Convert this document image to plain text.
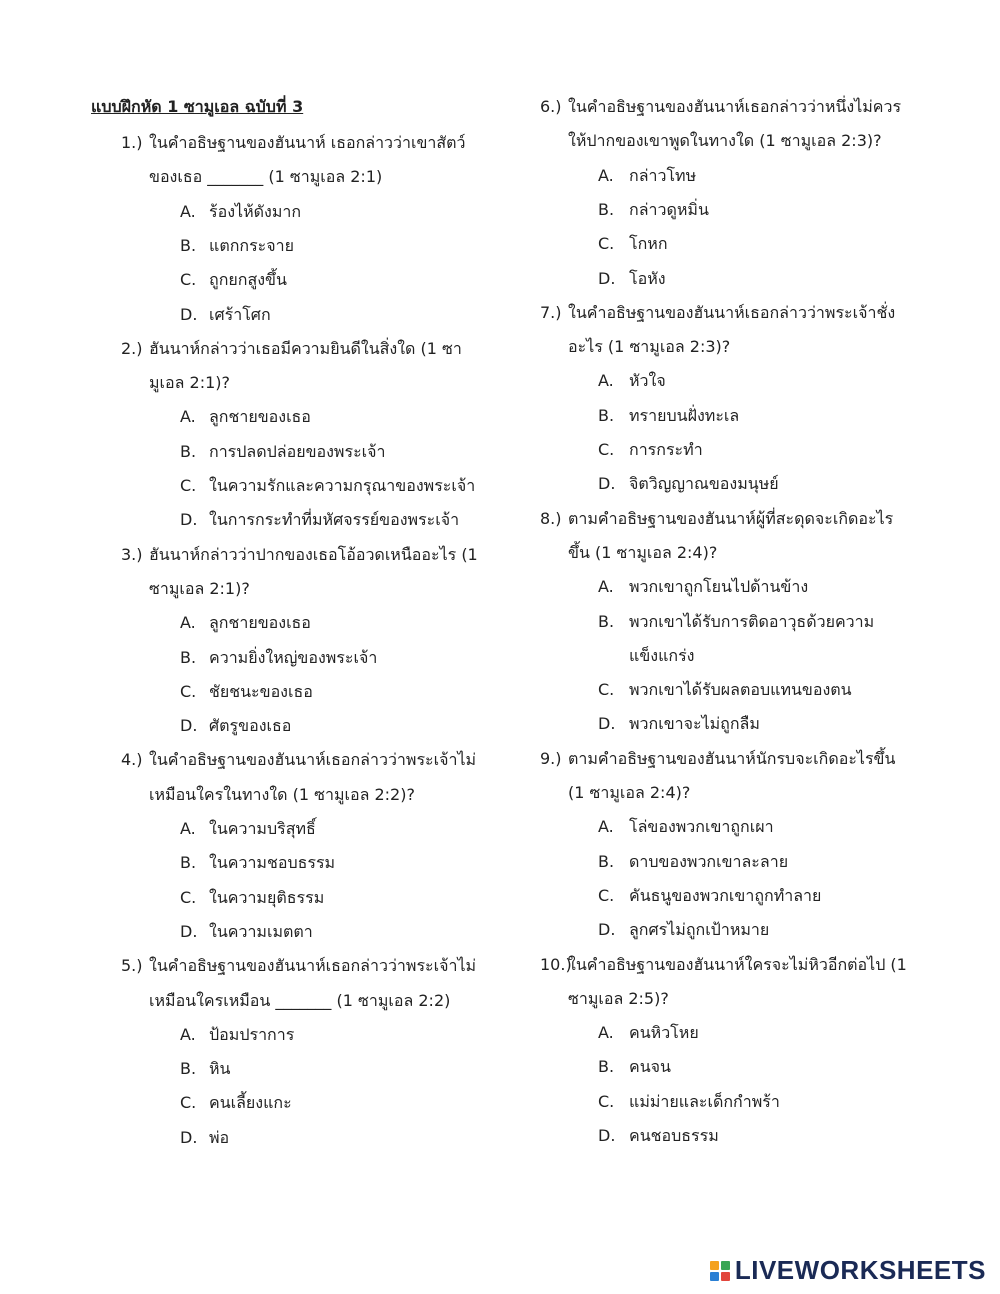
แบบฝึกหัด 1 ซามูเอล ฉบับที่ 3
1.) ในคำอธิษฐานของฮันนาห์ เธอกล่าวว่าเขาสัตว์
ของเธอ _______ (1 ซามูเอล 2:1)
A. ร้องไห้ดังมาก
B. แตกกระจาย
C. ถูกยกสูงขึ้น
D. เศร้าโศก
2.) ฮันนาห์กล่าวว่าเธอมีความยินดีในสิ่งใด (1 ซา
มูเอล 2:1)?
A. ลูกชายของเธอ
B. การปลดปล่อยของพระเจ้า
C. ในความรักและความกรุณาของพระเจ้า
D. ในการกระทำที่มหัศจรรย์ของพระเจ้า
3.) ฮันนาห์กล่าวว่าปากของเธอโอ้อวดเหนืออะไร (1
ซามูเอล 2:1)?
A. ลูกชายของเธอ
B. ความยิ่งใหญ่ของพระเจ้า
C. ชัยชนะของเธอ
D. ศัตรูของเธอ
4.) ในคำอธิษฐานของฮันนาห์เธอกล่าวว่าพระเจ้าไม่
เหมือนใครในทางใด (1 ซามูเอล 2:2)?
A. ในความบริสุทธิ์
B. ในความชอบธรรม
C. ในความยุติธรรม
D. ในความเมตตา
5.) ในคำอธิษฐานของฮันนาห์เธอกล่าวว่าพระเจ้าไม่
เหมือนใครเหมือน _______ (1 ซามูเอล 2:2)
A. ป้อมปราการ
B. หิน
C. คนเลี้ยงแกะ
D. พ่อ
6.) ในคำอธิษฐานของฮันนาห์เธอกล่าวว่าหนึ่งไม่ควร
ให้ปากของเขาพูดในทางใด (1 ซามูเอล 2:3)?
A. กล่าวโทษ
B. กล่าวดูหมิ่น
C. โกหก
D. โอหัง
7.) ในคำอธิษฐานของฮันนาห์เธอกล่าวว่าพระเจ้าชั่ง
อะไร (1 ซามูเอล 2:3)?
A. หัวใจ
B. ทรายบนฝั่งทะเล
C. การกระทำ
D. จิตวิญญาณของมนุษย์
8.) ตามคำอธิษฐานของฮันนาห์ผู้ที่สะดุดจะเกิดอะไร
ขึ้น (1 ซามูเอล 2:4)?
A. พวกเขาถูกโยนไปด้านข้าง
B. พวกเขาได้รับการติดอาวุธด้วยความ
แข็งแกร่ง
C. พวกเขาได้รับผลตอบแทนของตน
D. พวกเขาจะไม่ถูกลืม
9.) ตามคำอธิษฐานของฮันนาห์นักรบจะเกิดอะไรขึ้น
(1 ซามูเอล 2:4)?
A. โล่ของพวกเขาถูกเผา
B. ดาบของพวกเขาละลาย
C. คันธนูของพวกเขาถูกทำลาย
D. ลูกศรไม่ถูกเป้าหมาย
10.)
ในคำอธิษฐานของฮันนาห์ใครจะไม่หิวอีกต่อไป (1
ซามูเอล 2:5)?
A. คนหิวโหย
B. คนจน
C. แม่ม่ายและเด็กกำพร้า
D. คนชอบธรรม
LIVEWORKSHEETS
